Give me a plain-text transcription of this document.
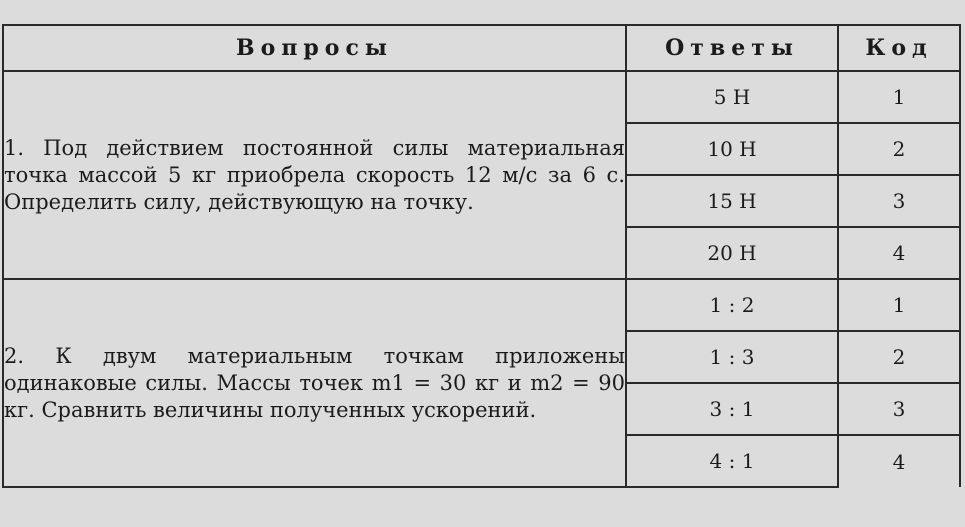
Вопросы	Ответы	Код

1. Под действием постоянной силы материальная точка массой 5 кг приобрела скорость 12 м/с за 6 с. Определить силу, действующую на точку.	5 Н	1
	10 Н	2
	15 Н	3
	20 Н	4

2. К двум материальным точкам приложены одинаковые силы. Массы точек m1 = 30 кг и m2 = 90 кг. Сравнить величины полученных ускорений.	1 : 2	1
	1 : 3	2
	3 : 1	3
	4 : 1	4
